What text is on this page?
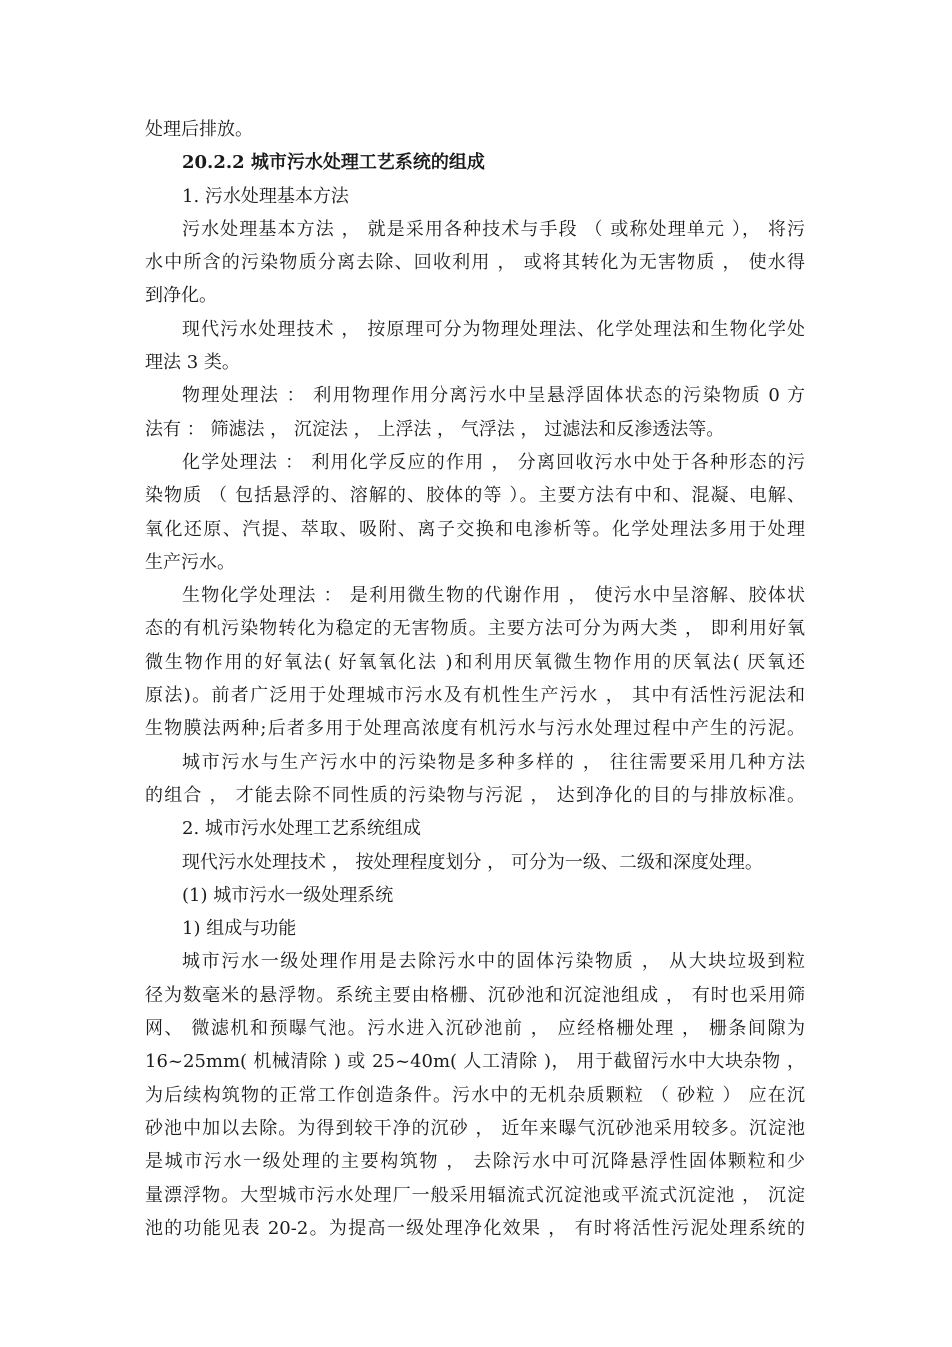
处理后排放。
20.2.2 城市污水处理工艺系统的组成
1. 污水处理基本方法
污水处理基本方法 ， 就是采用各种技术与手段 （ 或称处理单元 ）， 将污
水中所含的污染物质分离去除、回收利用 ， 或将其转化为无害物质 ， 使水得
到净化。
现代污水处理技术 ， 按原理可分为物理处理法、化学处理法和生物化学处
理法 3 类。
物理处理法 ： 利用物理作用分离污水中呈悬浮固体状态的污染物质 0 方
法有 ： 筛滤法 ， 沉淀法 ， 上浮法 ， 气浮法 ， 过滤法和反渗透法等。
化学处理法 ： 利用化学反应的作用 ， 分离回收污水中处于各种形态的污
染物质 （ 包括悬浮的、溶解的、胶体的等 ）。主要方法有中和、混凝、电解、
氧化还原、汽提、萃取、吸附、离子交换和电渗析等。化学处理法多用于处理
生产污水。
生物化学处理法 ： 是利用微生物的代谢作用 ， 使污水中呈溶解、胶体状
态的有机污染物转化为稳定的无害物质。主要方法可分为两大类 ， 即利用好氧
微生物作用的好氧法( 好氧氧化法 )和利用厌氧微生物作用的厌氧法( 厌氧还
原法)。前者广泛用于处理城市污水及有机性生产污水 ， 其中有活性污泥法和
生物膜法两种;后者多用于处理高浓度有机污水与污水处理过程中产生的污泥。
城市污水与生产污水中的污染物是多种多样的 ， 往往需要采用几种方法
的组合 ， 才能去除不同性质的污染物与污泥 ， 达到净化的目的与排放标准。
2. 城市污水处理工艺系统组成
现代污水处理技术 ， 按处理程度划分 ， 可分为一级、二级和深度处理。
(1) 城市污水一级处理系统
1) 组成与功能
城市污水一级处理作用是去除污水中的固体污染物质 ， 从大块垃圾到粒
径为数毫米的悬浮物。系统主要由格栅、沉砂池和沉淀池组成 ， 有时也采用筛
网、 微滤机和预曝气池。污水进入沉砂池前 ， 应经格栅处理 ， 栅条间隙为
16~25mm( 机械清除 ) 或 25~40m( 人工清除 )， 用于截留污水中大块杂物 ，
为后续构筑物的正常工作创造条件。污水中的无机杂质颗粒 （ 砂粒 ） 应在沉
砂池中加以去除。为得到较干净的沉砂 ， 近年来曝气沉砂池采用较多。沉淀池
是城市污水一级处理的主要构筑物 ， 去除污水中可沉降悬浮性固体颗粒和少
量漂浮物。大型城市污水处理厂一般采用辐流式沉淀池或平流式沉淀池 ， 沉淀
池的功能见表 20-2。为提高一级处理净化效果 ， 有时将活性污泥处理系统的
